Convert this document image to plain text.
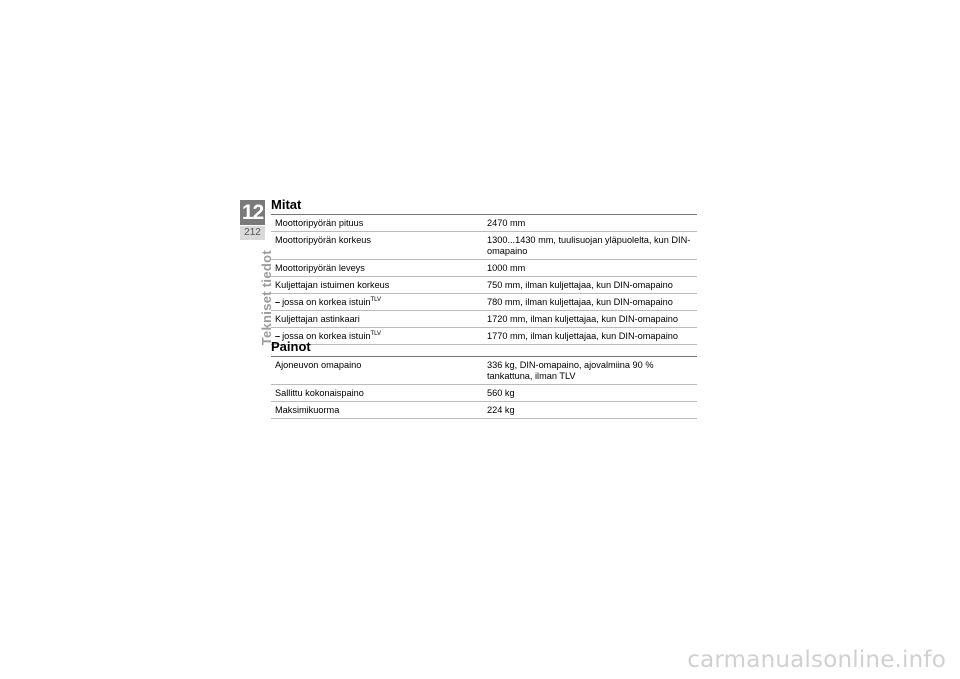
12
212
Tekniset tiedot
Mitat
Moottoripyörän pituus	2470 mm
Moottoripyörän korkeus	1300...1430 mm, tuulisuojan yläpuolelta, kun DIN-omapaino
Moottoripyörän leveys	1000 mm
Kuljettajan istuimen korkeus	750 mm, ilman kuljettajaa, kun DIN-omapaino
– jossa on korkea istuin$^{TLV}$	780 mm, ilman kuljettajaa, kun DIN-omapaino
Kuljettajan astinkaari	1720 mm, ilman kuljettajaa, kun DIN-omapaino
– jossa on korkea istuin$^{TLV}$	1770 mm, ilman kuljettajaa, kun DIN-omapaino
Painot
Ajoneuvon omapaino	336 kg, DIN-omapaino, ajovalmiina 90 % tankattuna, ilman TLV
Sallittu kokonaispaino	560 kg
Maksimikuorma	224 kg
carmanualsonline.info
